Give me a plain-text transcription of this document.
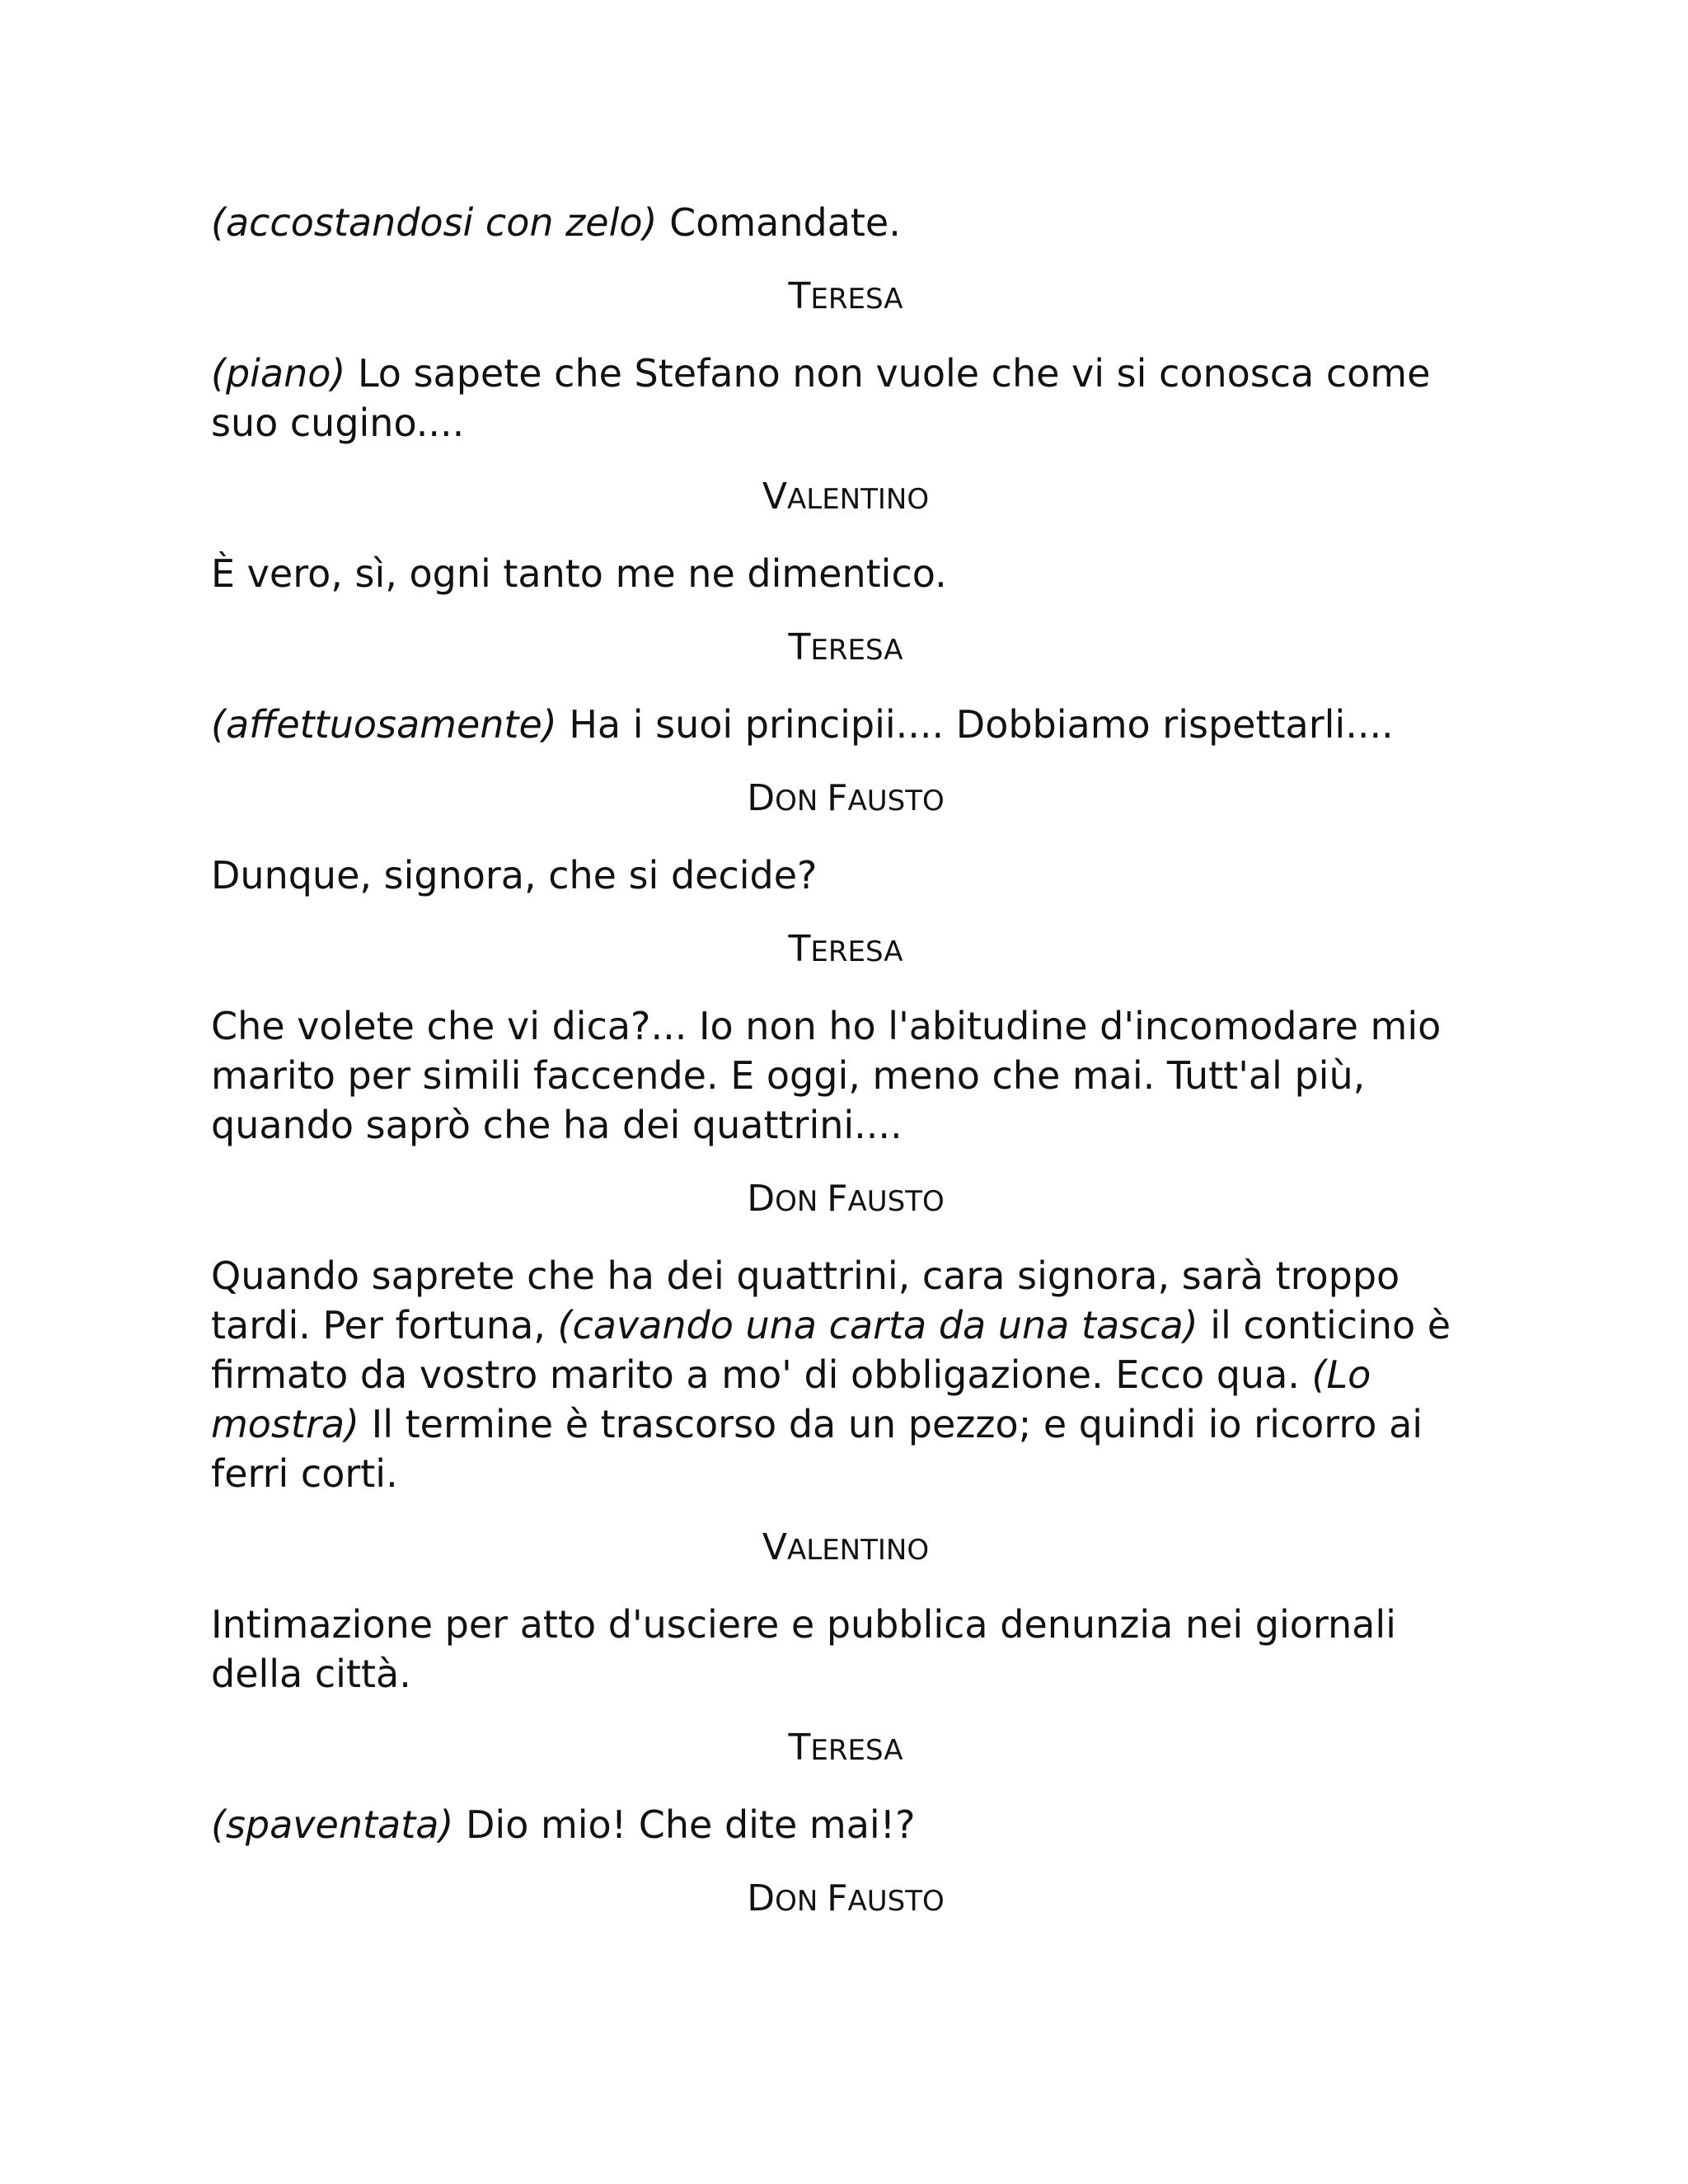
(accostandosi con zelo) Comandate.

TERESA

(piano) Lo sapete che Stefano non vuole che vi si conosca come suo cugino....

VALENTINO

È vero, sì, ogni tanto me ne dimentico.

TERESA

(affettuosamente) Ha i suoi principii.... Dobbiamo rispettarli....

DON FAUSTO

Dunque, signora, che si decide?

TERESA

Che volete che vi dica?... Io non ho l'abitudine d'incomodare mio marito per simili faccende. E oggi, meno che mai. Tutt'al più, quando saprò che ha dei quattrini....

DON FAUSTO

Quando saprete che ha dei quattrini, cara signora, sarà troppo tardi. Per fortuna, (cavando una carta da una tasca) il conticino è firmato da vostro marito a mo' di obbligazione. Ecco qua. (Lo mostra) Il termine è trascorso da un pezzo; e quindi io ricorro ai ferri corti.

VALENTINO

Intimazione per atto d'usciere e pubblica denunzia nei giornali della città.

TERESA

(spaventata) Dio mio! Che dite mai!?

DON FAUSTO
